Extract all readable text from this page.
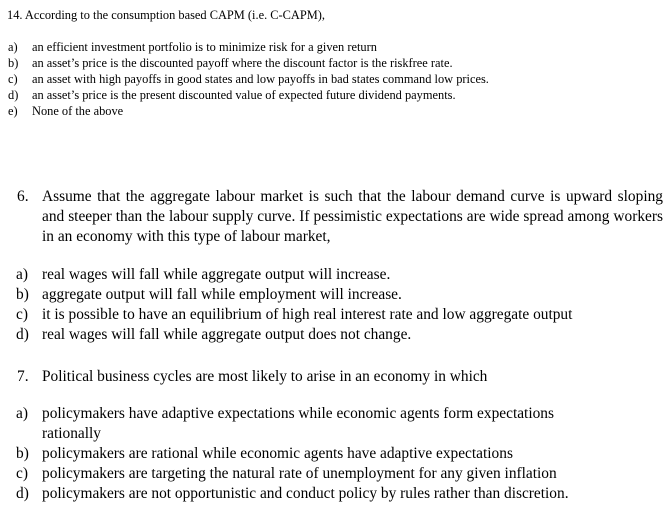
14. According to the consumption based CAPM (i.e. C-CAPM),
a) an efficient investment portfolio is to minimize risk for a given return
b) an asset’s price is the discounted payoff where the discount factor is the riskfree rate.
c) an asset with high payoffs in good states and low payoffs in bad states command low prices.
d) an asset’s price is the present discounted value of expected future dividend payments.
e) None of the above
6. Assume that the aggregate labour market is such that the labour demand curve is upward sloping and steeper than the labour supply curve. If pessimistic expectations are wide spread among workers in an economy with this type of labour market,
a) real wages will fall while aggregate output will increase.
b) aggregate output will fall while employment will increase.
c) it is possible to have an equilibrium of high real interest rate and low aggregate output
d) real wages will fall while aggregate output does not change.
7. Political business cycles are most likely to arise in an economy in which
a) policymakers have adaptive expectations while economic agents form expectations
rationally
b) policymakers are rational while economic agents have adaptive expectations
c) policymakers are targeting the natural rate of unemployment for any given inflation
d) policymakers are not opportunistic and conduct policy by rules rather than discretion.
